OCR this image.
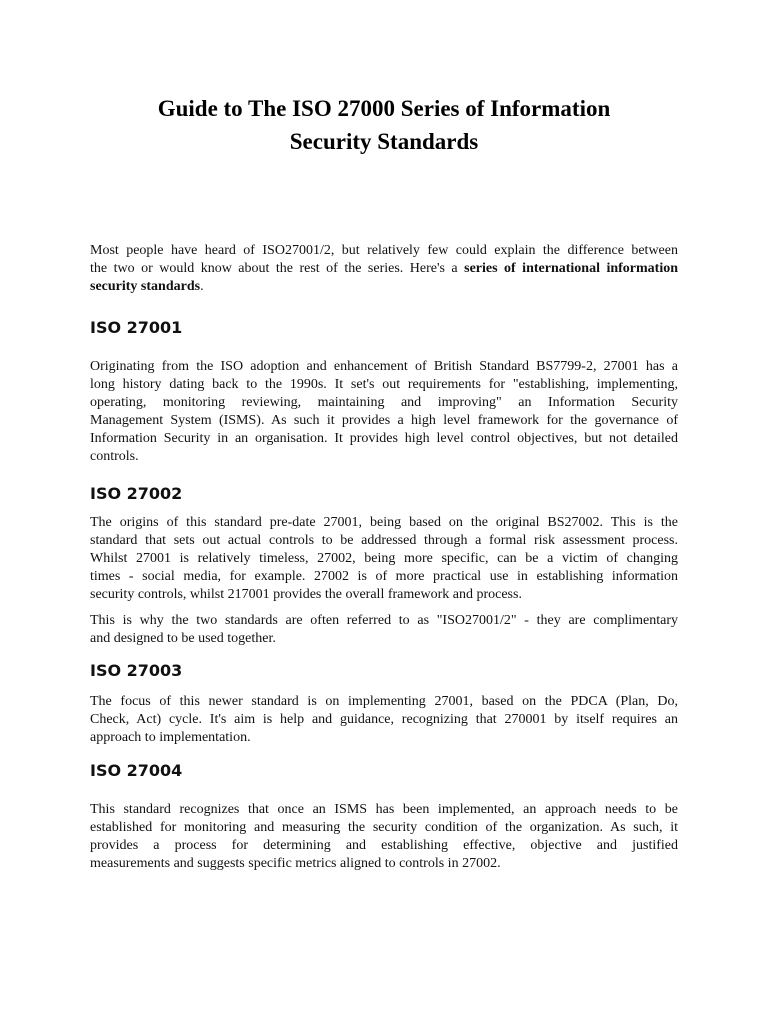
Guide to The ISO 27000 Series of Information
Security Standards

Most people have heard of ISO27001/2, but relatively few could explain the difference between
the two or would know about the rest of the series. Here's a series of international information
security standards.

ISO 27001

Originating from the ISO adoption and enhancement of British Standard BS7799-2, 27001 has a
long history dating back to the 1990s. It set's out requirements for "establishing, implementing,
operating, monitoring reviewing, maintaining and improving" an Information Security
Management System (ISMS). As such it provides a high level framework for the governance of
Information Security in an organisation. It provides high level control objectives, but not detailed
controls.

ISO 27002

The origins of this standard pre-date 27001, being based on the original BS27002. This is the
standard that sets out actual controls to be addressed through a formal risk assessment process.
Whilst 27001 is relatively timeless, 27002, being more specific, can be a victim of changing
times - social media, for example. 27002 is of more practical use in establishing information
security controls, whilst 217001 provides the overall framework and process.

This is why the two standards are often referred to as "ISO27001/2" - they are complimentary
and designed to be used together.

ISO 27003

The focus of this newer standard is on implementing 27001, based on the PDCA (Plan, Do,
Check, Act) cycle. It's aim is help and guidance, recognizing that 270001 by itself requires an
approach to implementation.

ISO 27004

This standard recognizes that once an ISMS has been implemented, an approach needs to be
established for monitoring and measuring the security condition of the organization. As such, it
provides a process for determining and establishing effective, objective and justified
measurements and suggests specific metrics aligned to controls in 27002.
